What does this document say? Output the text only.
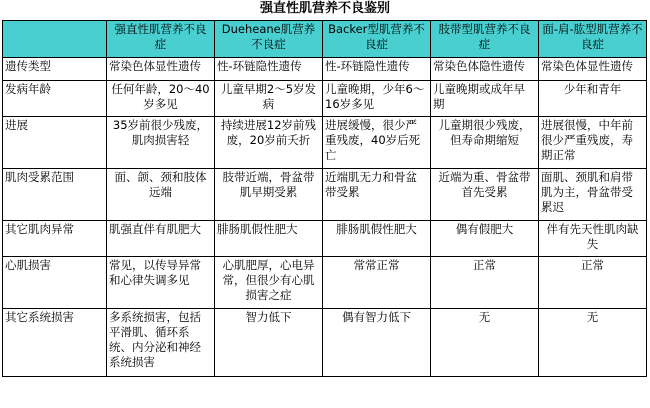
强直性肌营养不良鉴别
	强直性肌营养不良症	Dueheane肌营养不良症	Backer型肌营养不良症	肢带型肌营养不良症	面-肩-肱型肌营养不良症
遗传类型	常染色体显性遗传	性-环链隐性遗传	性-环链隐性遗传	常染色体隐性遗传	常染色体显性遗传
发病年龄	任何年龄，20～40岁多见	儿童早期2～5岁发病	儿童晚期，少年6～16岁多见	儿童晚期或成年早期	少年和青年
进展	35岁前很少残废，肌肉损害轻	持续进展12岁前残废，20岁前夭折	进展缓慢，很少严重残废，40岁后死亡	儿童期很少残废，但寿命期缩短	进展很慢，中年前很少严重残废，寿期正常
肌肉受累范围	面、颌、颈和肢体远端	肢带近端，骨盆带肌早期受累	近端肌无力和骨盆带受累	近端为重、骨盆带首先受累	面肌、颈肌和肩带肌为主，骨盆带受累迟
其它肌肉异常	肌强直伴有肌肥大	腓肠肌假性肥大	腓肠肌假性肥大	偶有假肥大	伴有先天性肌肉缺失
心肌损害	常见，以传导异常和心律失调多见	心肌肥厚，心电异常，但很少有心肌损害之症	常常正常	正常	正常
其它系统损害	多系统损害，包括平滑肌、循环系统、内分泌和神经系统损害	智力低下	偶有智力低下	无	无
